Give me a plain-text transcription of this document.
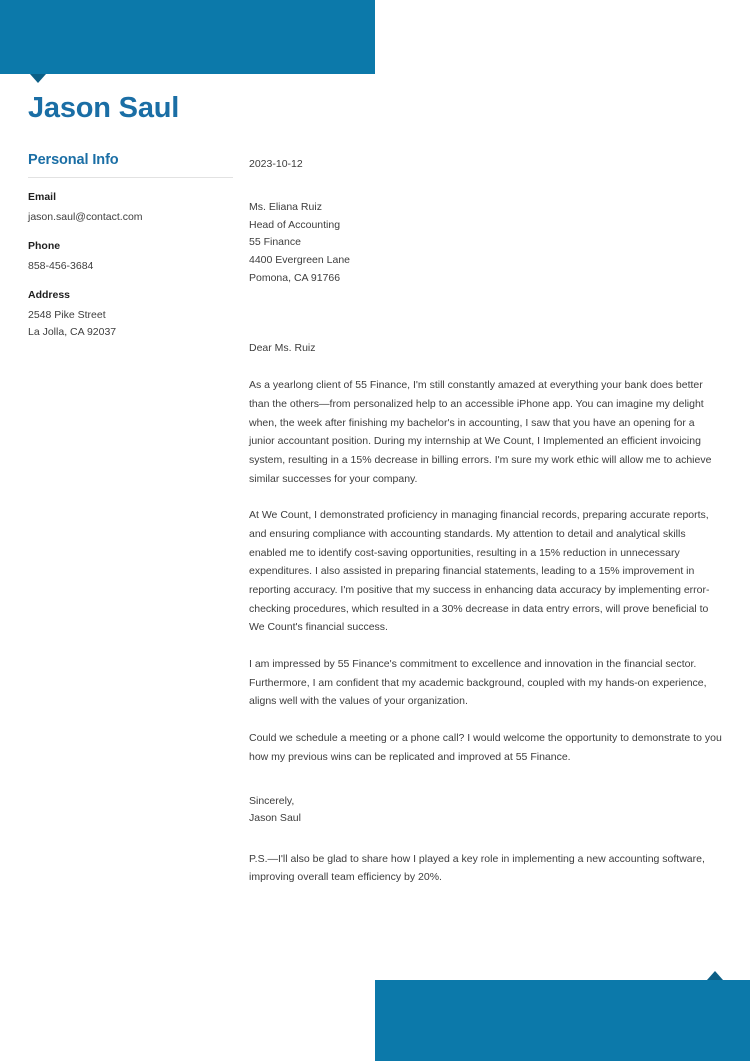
Jason Saul
Personal Info
Email
jason.saul@contact.com
Phone
858-456-3684
Address
2548 Pike Street
La Jolla, CA 92037
2023-10-12
Ms. Eliana Ruiz
Head of Accounting
55 Finance
4400 Evergreen Lane
Pomona, CA 91766
Dear Ms. Ruiz

As a yearlong client of 55 Finance, I'm still constantly amazed at everything your bank does better than the others—from personalized help to an accessible iPhone app. You can imagine my delight when, the week after finishing my bachelor's in accounting, I saw that you have an opening for a junior accountant position. During my internship at We Count, I Implemented an efficient invoicing system, resulting in a 15% decrease in billing errors. I'm sure my work ethic will allow me to achieve similar successes for your company.

At We Count, I demonstrated proficiency in managing financial records, preparing accurate reports, and ensuring compliance with accounting standards. My attention to detail and analytical skills enabled me to identify cost-saving opportunities, resulting in a 15% reduction in unnecessary expenditures. I also assisted in preparing financial statements, leading to a 15% improvement in reporting accuracy. I'm positive that my success in enhancing data accuracy by implementing error-checking procedures, which resulted in a 30% decrease in data entry errors, will prove beneficial to We Count's financial success.

I am impressed by 55 Finance's commitment to excellence and innovation in the financial sector. Furthermore, I am confident that my academic background, coupled with my hands-on experience, aligns well with the values of your organization.

Could we schedule a meeting or a phone call? I would welcome the opportunity to demonstrate to you how my previous wins can be replicated and improved at 55 Finance.

Sincerely,
Jason Saul

P.S.—I'll also be glad to share how I played a key role in implementing a new accounting software, improving overall team efficiency by 20%.
